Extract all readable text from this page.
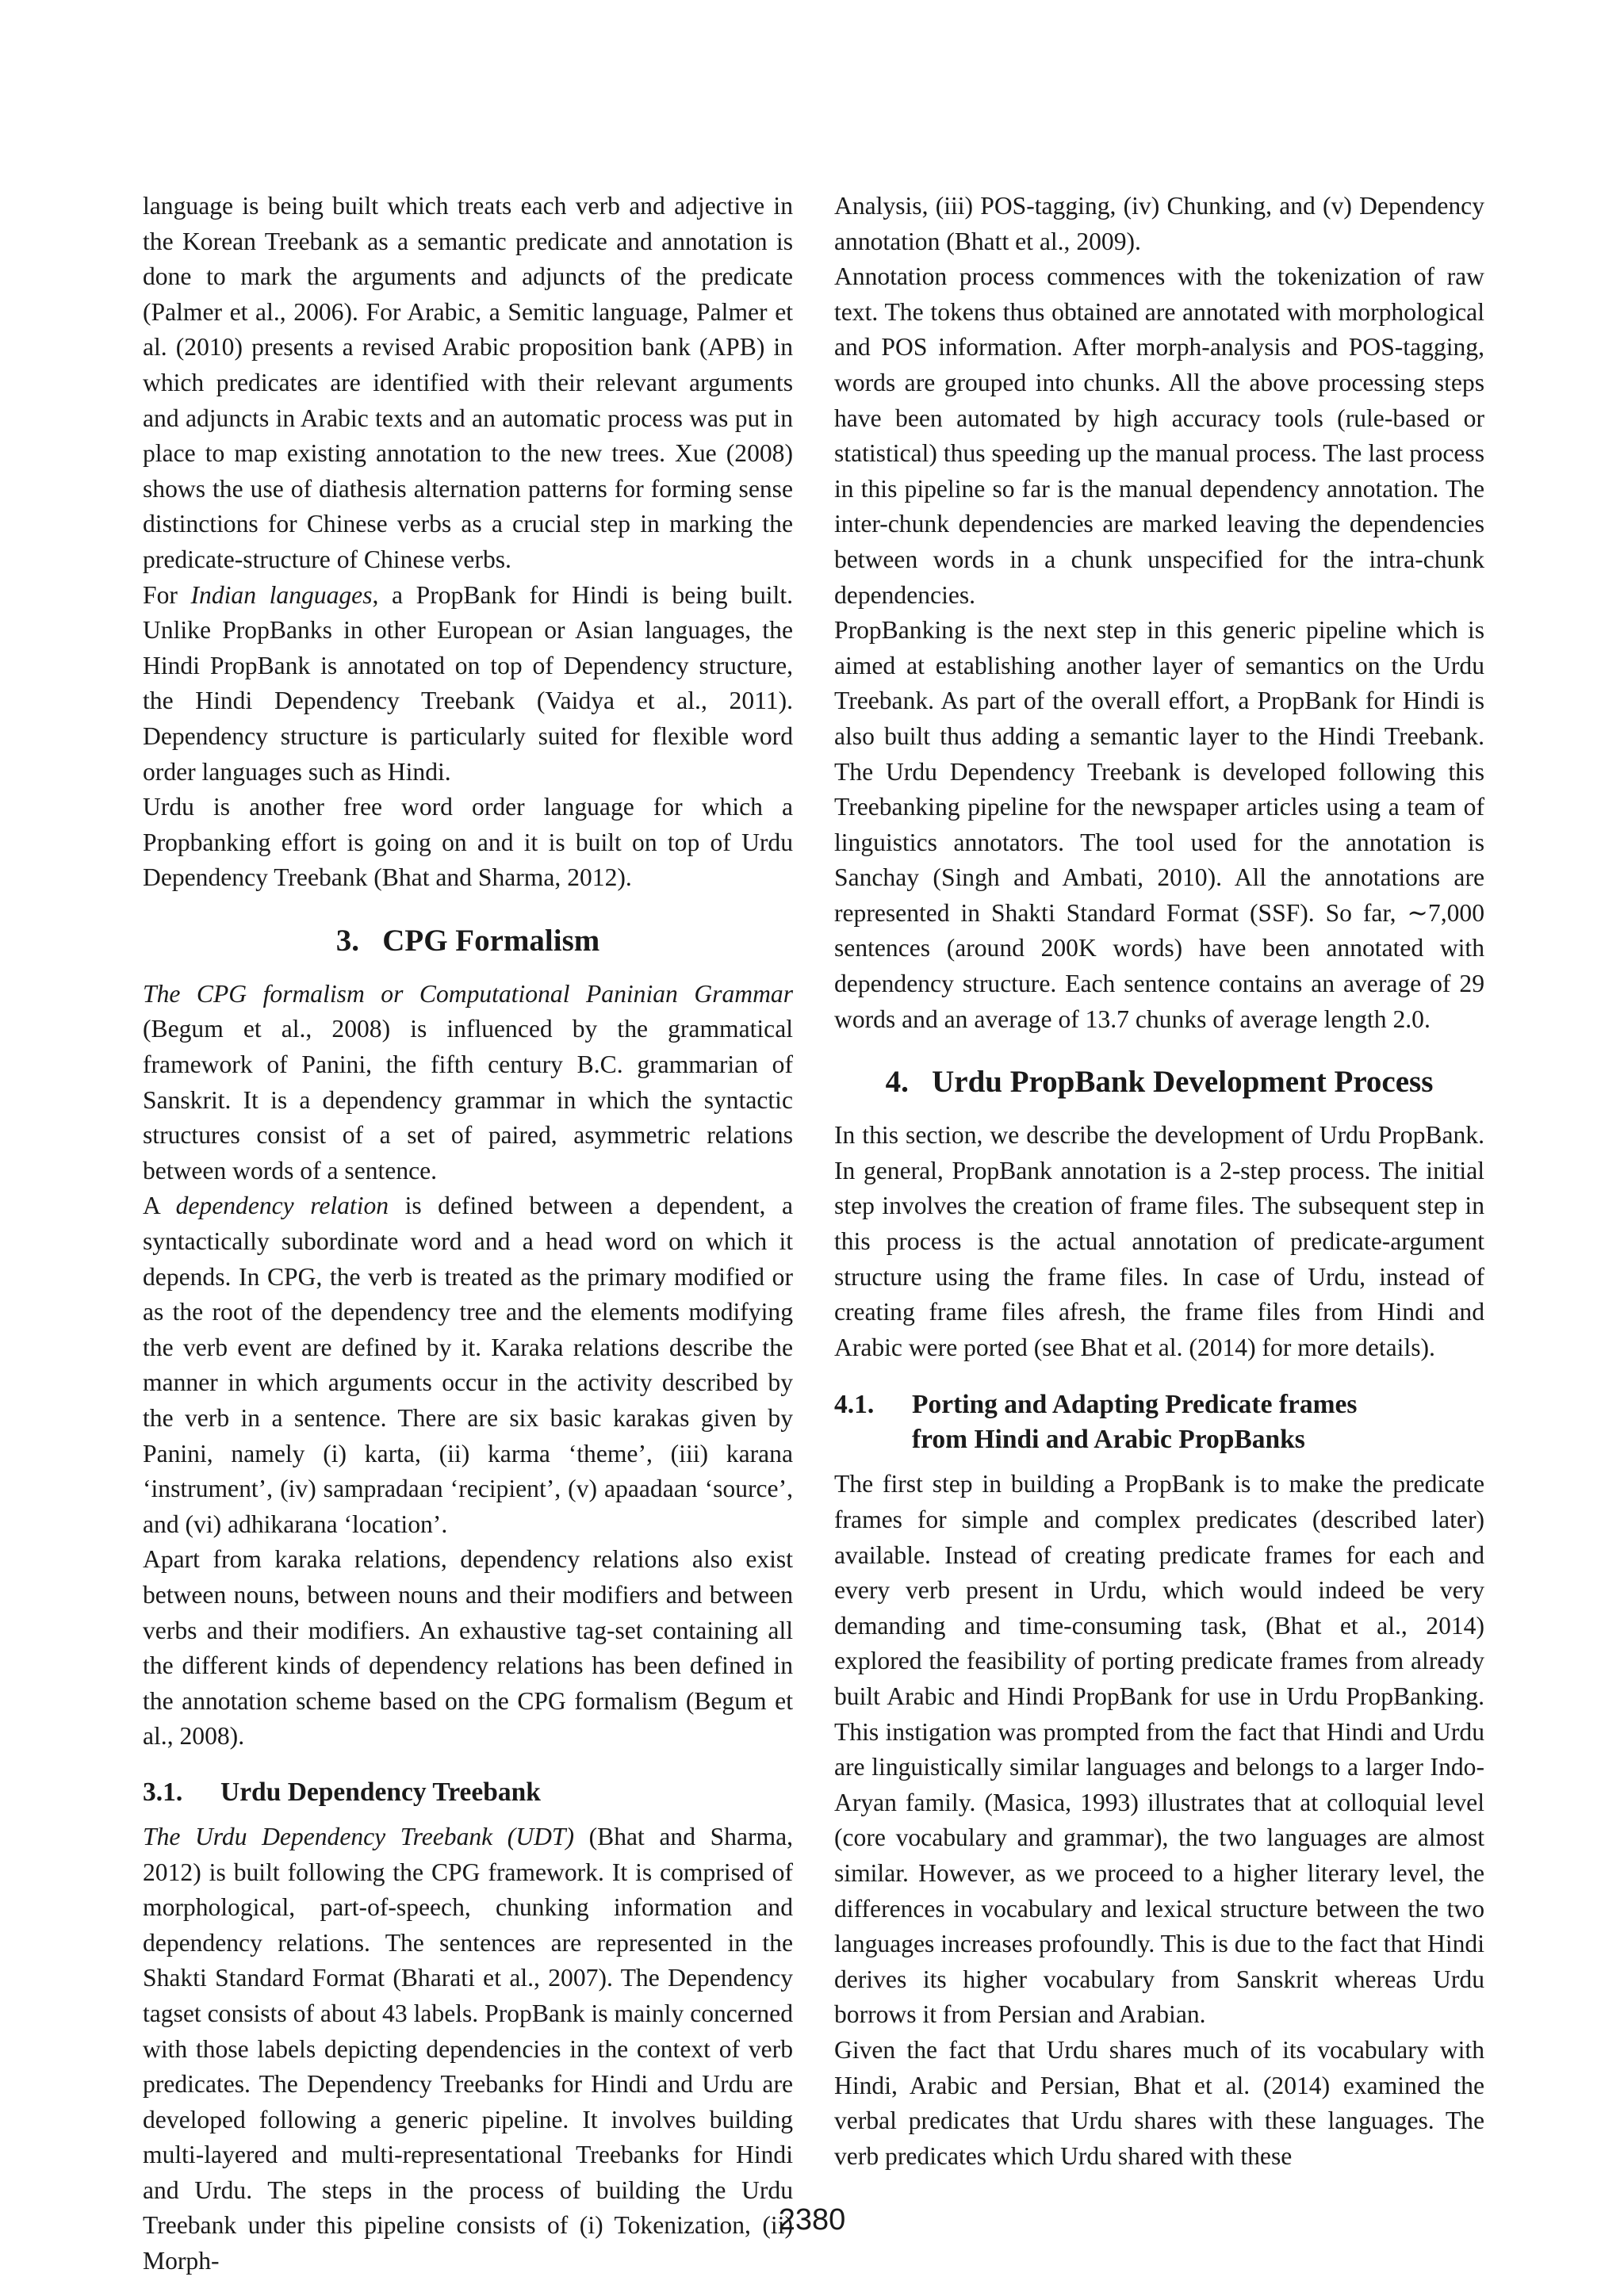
language is being built which treats each verb and adjective in the Korean Treebank as a semantic predicate and annotation is done to mark the arguments and adjuncts of the predicate (Palmer et al., 2006). For Arabic, a Semitic language, Palmer et al. (2010) presents a revised Arabic proposition bank (APB) in which predicates are identified with their relevant arguments and adjuncts in Arabic texts and an automatic process was put in place to map existing annotation to the new trees. Xue (2008) shows the use of diathesis alternation patterns for forming sense distinctions for Chinese verbs as a crucial step in marking the predicate-structure of Chinese verbs.

For Indian languages, a PropBank for Hindi is being built. Unlike PropBanks in other European or Asian languages, the Hindi PropBank is annotated on top of Dependency structure, the Hindi Dependency Treebank (Vaidya et al., 2011). Dependency structure is particularly suited for flexible word order languages such as Hindi.

Urdu is another free word order language for which a Propbanking effort is going on and it is built on top of Urdu Dependency Treebank (Bhat and Sharma, 2012).

3. CPG Formalism

The CPG formalism or Computational Paninian Grammar (Begum et al., 2008) is influenced by the grammatical framework of Panini, the fifth century B.C. grammarian of Sanskrit. It is a dependency grammar in which the syntactic structures consist of a set of paired, asymmetric relations between words of a sentence.

A dependency relation is defined between a dependent, a syntactically subordinate word and a head word on which it depends. In CPG, the verb is treated as the primary modified or as the root of the dependency tree and the elements modifying the verb event are defined by it. Karaka relations describe the manner in which arguments occur in the activity described by the verb in a sentence. There are six basic karakas given by Panini, namely (i) karta, (ii) karma ‘theme’, (iii) karana ‘instrument’, (iv) sampradaan ‘recipient’, (v) apaadaan ‘source’, and (vi) adhikarana ‘location’.

Apart from karaka relations, dependency relations also exist between nouns, between nouns and their modifiers and between verbs and their modifiers. An exhaustive tag-set containing all the different kinds of dependency relations has been defined in the annotation scheme based on the CPG formalism (Begum et al., 2008).

3.1. Urdu Dependency Treebank

The Urdu Dependency Treebank (UDT) (Bhat and Sharma, 2012) is built following the CPG framework. It is comprised of morphological, part-of-speech, chunking information and dependency relations. The sentences are represented in the Shakti Standard Format (Bharati et al., 2007). The Dependency tagset consists of about 43 labels. PropBank is mainly concerned with those labels depicting dependencies in the context of verb predicates. The Dependency Treebanks for Hindi and Urdu are developed following a generic pipeline. It involves building multi-layered and multi-representational Treebanks for Hindi and Urdu. The steps in the process of building the Urdu Treebank under this pipeline consists of (i) Tokenization, (ii) Morph-

Analysis, (iii) POS-tagging, (iv) Chunking, and (v) Dependency annotation (Bhatt et al., 2009).

Annotation process commences with the tokenization of raw text. The tokens thus obtained are annotated with morphological and POS information. After morph-analysis and POS-tagging, words are grouped into chunks. All the above processing steps have been automated by high accuracy tools (rule-based or statistical) thus speeding up the manual process. The last process in this pipeline so far is the manual dependency annotation. The inter-chunk dependencies are marked leaving the dependencies between words in a chunk unspecified for the intra-chunk dependencies.

PropBanking is the next step in this generic pipeline which is aimed at establishing another layer of semantics on the Urdu Treebank. As part of the overall effort, a PropBank for Hindi is also built thus adding a semantic layer to the Hindi Treebank. The Urdu Dependency Treebank is developed following this Treebanking pipeline for the newspaper articles using a team of linguistics annotators. The tool used for the annotation is Sanchay (Singh and Ambati, 2010). All the annotations are represented in Shakti Standard Format (SSF). So far, ∼7,000 sentences (around 200K words) have been annotated with dependency structure. Each sentence contains an average of 29 words and an average of 13.7 chunks of average length 2.0.

4. Urdu PropBank Development Process

In this section, we describe the development of Urdu PropBank. In general, PropBank annotation is a 2-step process. The initial step involves the creation of frame files. The subsequent step in this process is the actual annotation of predicate-argument structure using the frame files. In case of Urdu, instead of creating frame files afresh, the frame files from Hindi and Arabic were ported (see Bhat et al. (2014) for more details).

4.1.	Porting and Adapting Predicate frames
from Hindi and Arabic PropBanks

The first step in building a PropBank is to make the predicate frames for simple and complex predicates (described later) available. Instead of creating predicate frames for each and every verb present in Urdu, which would indeed be very demanding and time-consuming task, (Bhat et al., 2014) explored the feasibility of porting predicate frames from already built Arabic and Hindi PropBank for use in Urdu PropBanking. This instigation was prompted from the fact that Hindi and Urdu are linguistically similar languages and belongs to a larger Indo-Aryan family. (Masica, 1993) illustrates that at colloquial level (core vocabulary and grammar), the two languages are almost similar. However, as we proceed to a higher literary level, the differences in vocabulary and lexical structure between the two languages increases profoundly. This is due to the fact that Hindi derives its higher vocabulary from Sanskrit whereas Urdu borrows it from Persian and Arabian.

Given the fact that Urdu shares much of its vocabulary with Hindi, Arabic and Persian, Bhat et al. (2014) examined the verbal predicates that Urdu shares with these languages. The verb predicates which Urdu shared with these

2380
